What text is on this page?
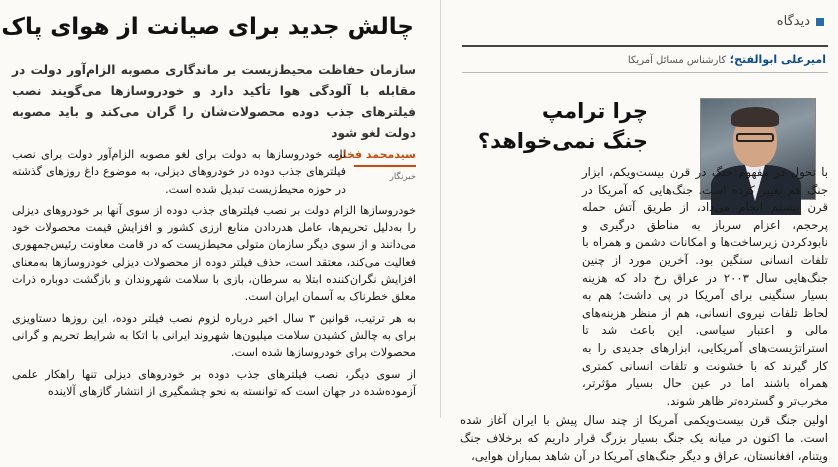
دیدگاه
امیرعلی ابوالفتح؛ کارشناس مسائل آمریکا
چرا ترامپ
جنگ نمی‌خواهد؟

با تحول در مفهوم جنگ در قرن بیست‌ویکم، ابزار جنگ هم تغییر کرده است. جنگ‌هایی که آمریکا در قرن بیستم انجام می‌داد، از طریق آتش حمله پرحجم، اعزام سرباز به مناطق درگیری و نابودکردن زیرساخت‌ها و امکانات دشمن و همراه با تلفات انسانی سنگین بود. آخرین مورد از چنین جنگ‌هایی سال ۲۰۰۳ در عراق رخ داد که هزینه بسیار سنگینی برای آمریکا در پی داشت؛ هم به لحاظ تلفات نیروی انسانی، هم از منظر هزینه‌های مالی و اعتبار سیاسی. این باعث شد تا استراتژیست‌های آمریکایی، ابزارهای جدیدی را به کار گیرند که با خشونت و تلفات انسانی کمتری همراه باشند اما در عین حال بسیار مؤثرتر، مخرب‌تر و گسترده‌تر ظاهر شوند.

اولین جنگ قرن بیست‌ویکمی آمریکا از چند سال پیش با ایران آغاز شده است. ما اکنون در میانه یک جنگ بسیار بزرگ قرار داریم که برخلاف جنگ ویتنام، افغانستان، عراق و دیگر جنگ‌های آمریکا در آن شاهد بمباران هوایی،

چالش جدید برای صیانت از هوای پاک

سازمان حفاظت محیط‌زیست بر ماندگاری مصوبه الزام‌آور دولت در مقابله با آلودگی هوا تأکید دارد و خودروسازها می‌گویند نصب فیلترهای جذب دوده محصولات‌شان را گران می‌کند و باید مصوبه دولت لغو شود

سیدمحمد فخار
خبرنگار

نامه خودروسازها به دولت برای لغو مصوبه الزام‌آور دولت برای نصب فیلترهای جذب دوده در خودروهای دیزلی، به موضوع داغ روزهای گذشته در حوزه محیط‌زیست تبدیل شده است.

خودروسازها الزام دولت بر نصب فیلترهای جذب دوده از سوی آنها بر خودروهای دیزلی را به‌دلیل تحریم‌ها، عامل هدردادن منابع ارزی کشور و افزایش قیمت محصولات خود می‌دانند و از سوی دیگر سازمان متولی محیط‌زیست که در قامت معاونت رئیس‌جمهوری فعالیت می‌کند، معتقد است، حذف فیلتر دوده از محصولات دیزلی خودروسازها به‌معنای افزایش نگران‌کننده ابتلا به سرطان، بازی با سلامت شهروندان و بازگشت دوباره ذرات معلق خطرناک به آسمان ایران است.

به هر ترتیب، قوانین ۳ سال اخیر درباره لزوم نصب فیلتر دوده، این روزها دستاویزی برای به چالش کشیدن سلامت میلیون‌ها شهروند ایرانی با اتکا به شرایط تحریم و گرانی محصولات برای خودروسازها شده است.

از سوی دیگر، نصب فیلترهای جذب دوده بر خودروهای دیزلی تنها راهکار علمی آزموده‌شده در جهان است که توانسته به نحو چشمگیری از انتشار گازهای آلاینده
